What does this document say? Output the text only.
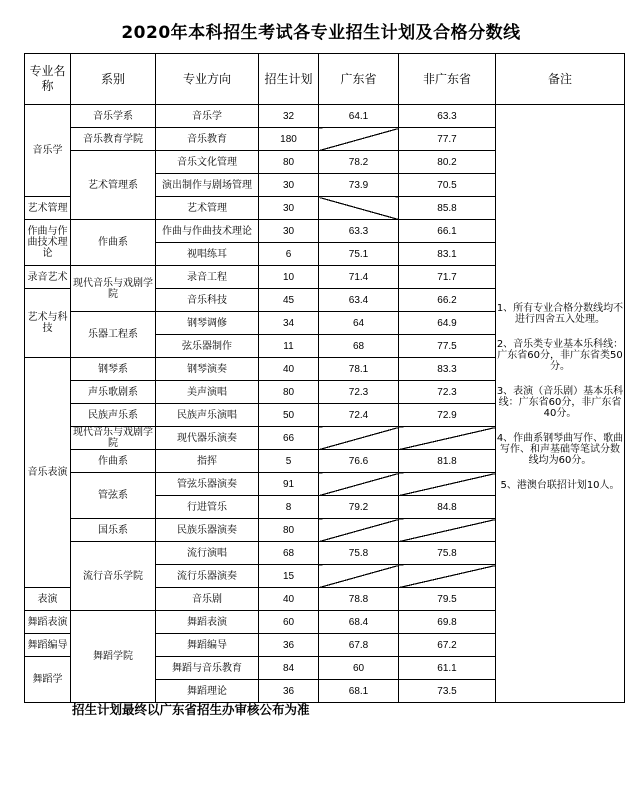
2020年本科招生考试各专业招生计划及合格分数线
专业名称	系别	专业方向	招生计划	广东省	非广东省	备注
音乐学	音乐学系	音乐学	32	64.1	63.3	1、所有专业合格分数线均不进行四舍五入处理。

2、音乐类专业基本乐科线：广东省60分，非广东省类50分。

3、表演（音乐剧）基本乐科线：广东省60分，非广东省40分。

4、作曲系钢琴曲写作、歌曲写作、和声基础等笔试分数线均为60分。

5、港澳台联招计划10人。

	音乐教育学院	音乐教育	180		77.7	
	艺术管理系	音乐文化管理	80	78.2	80.2	
		演出制作与剧场管理	30	73.9	70.5	
艺术管理		艺术管理	30		85.8	
作曲与作曲技术理论	作曲系	作曲与作曲技术理论	30	63.3	66.1	
		视唱练耳	6	75.1	83.1	
录音艺术	现代音乐与戏剧学院	录音工程	10	71.4	71.7	
艺术与科技		音乐科技	45	63.4	66.2	
	乐器工程系	钢琴调修	34	64	64.9	
		弦乐器制作	11	68	77.5	
音乐表演	钢琴系	钢琴演奏	40	78.1	83.3	
	声乐歌剧系	美声演唱	80	72.3	72.3	
	民族声乐系	民族声乐演唱	50	72.4	72.9	
	现代音乐与戏剧学院	现代器乐演奏	66			
	作曲系	指挥	5	76.6	81.8	
	管弦系	管弦乐器演奏	91			
		行进管乐	8	79.2	84.8	
	国乐系	民族乐器演奏	80			
	流行音乐学院	流行演唱	68	75.8	75.8	
		流行乐器演奏	15			
表演		音乐剧	40	78.8	79.5	
舞蹈表演	舞蹈学院	舞蹈表演	60	68.4	69.8	
舞蹈编导		舞蹈编导	36	67.8	67.2	
舞蹈学		舞蹈与音乐教育	84	60	61.1	
		舞蹈理论	36	68.1	73.5	
招生计划最终以广东省招生办审核公布为准
